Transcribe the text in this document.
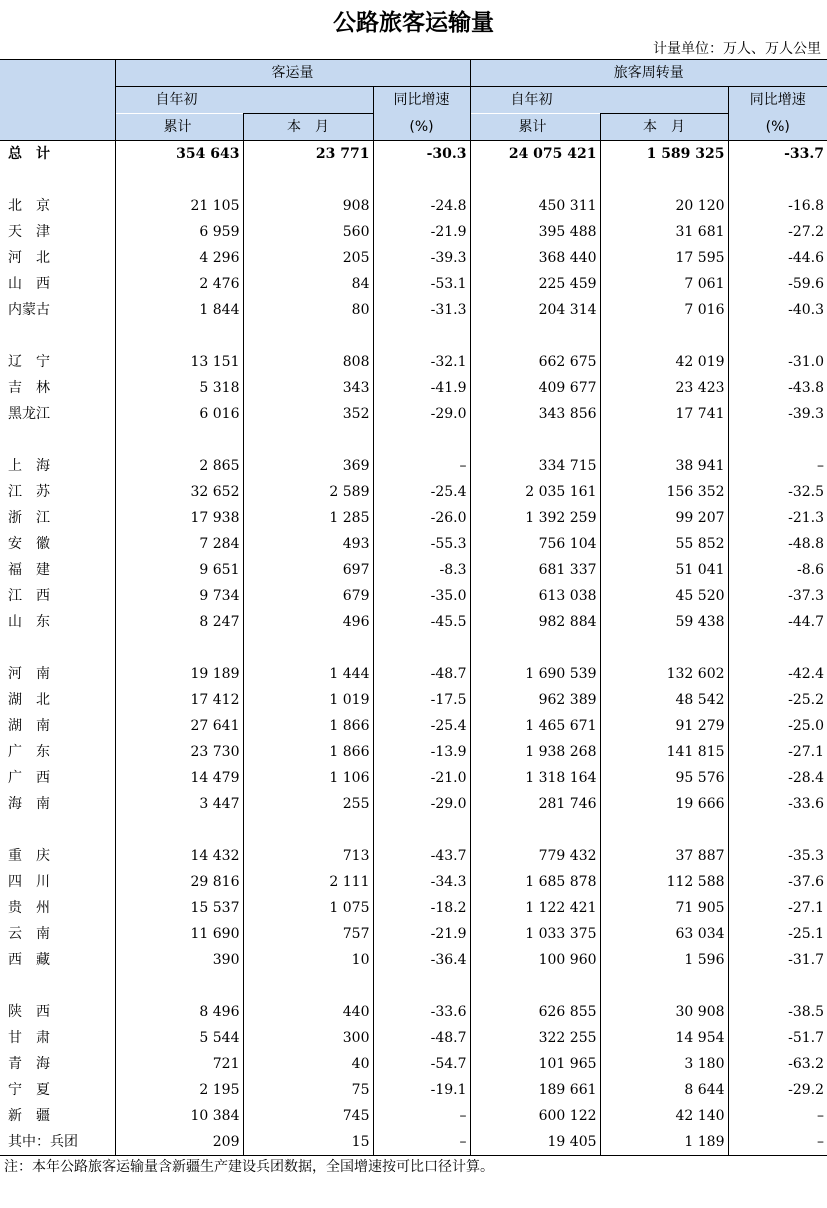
公路旅客运输量
计量单位：万人、万人公里
	客运量			旅客周转量		
	自年初		同比增速	自年初		同比增速
	累计	本　月	(%)	累计	本　月	(%)
总　计	354 643	23 771	-30.3	24 075 421	1 589 325	-33.7

北　京	21 105	908	-24.8	450 311	20 120	-16.8
天　津	6 959	560	-21.9	395 488	31 681	-27.2
河　北	4 296	205	-39.3	368 440	17 595	-44.6
山　西	2 476	84	-53.1	225 459	7 061	-59.6
内蒙古	1 844	80	-31.3	204 314	7 016	-40.3

辽　宁	13 151	808	-32.1	662 675	42 019	-31.0
吉　林	5 318	343	-41.9	409 677	23 423	-43.8
黑龙江	6 016	352	-29.0	343 856	17 741	-39.3

上　海	2 865	369	–	334 715	38 941	–
江　苏	32 652	2 589	-25.4	2 035 161	156 352	-32.5
浙　江	17 938	1 285	-26.0	1 392 259	99 207	-21.3
安　徽	7 284	493	-55.3	756 104	55 852	-48.8
福　建	9 651	697	-8.3	681 337	51 041	-8.6
江　西	9 734	679	-35.0	613 038	45 520	-37.3
山　东	8 247	496	-45.5	982 884	59 438	-44.7

河　南	19 189	1 444	-48.7	1 690 539	132 602	-42.4
湖　北	17 412	1 019	-17.5	962 389	48 542	-25.2
湖　南	27 641	1 866	-25.4	1 465 671	91 279	-25.0
广　东	23 730	1 866	-13.9	1 938 268	141 815	-27.1
广　西	14 479	1 106	-21.0	1 318 164	95 576	-28.4
海　南	3 447	255	-29.0	281 746	19 666	-33.6

重　庆	14 432	713	-43.7	779 432	37 887	-35.3
四　川	29 816	2 111	-34.3	1 685 878	112 588	-37.6
贵　州	15 537	1 075	-18.2	1 122 421	71 905	-27.1
云　南	11 690	757	-21.9	1 033 375	63 034	-25.1
西　藏	390	10	-36.4	100 960	1 596	-31.7

陕　西	8 496	440	-33.6	626 855	30 908	-38.5
甘　肃	5 544	300	-48.7	322 255	14 954	-51.7
青　海	721	40	-54.7	101 965	3 180	-63.2
宁　夏	2 195	75	-19.1	189 661	8 644	-29.2
新　疆	10 384	745	–	600 122	42 140	–
其中：兵团	209	15	–	19 405	1 189	–
注：本年公路旅客运输量含新疆生产建设兵团数据，全国增速按可比口径计算。
